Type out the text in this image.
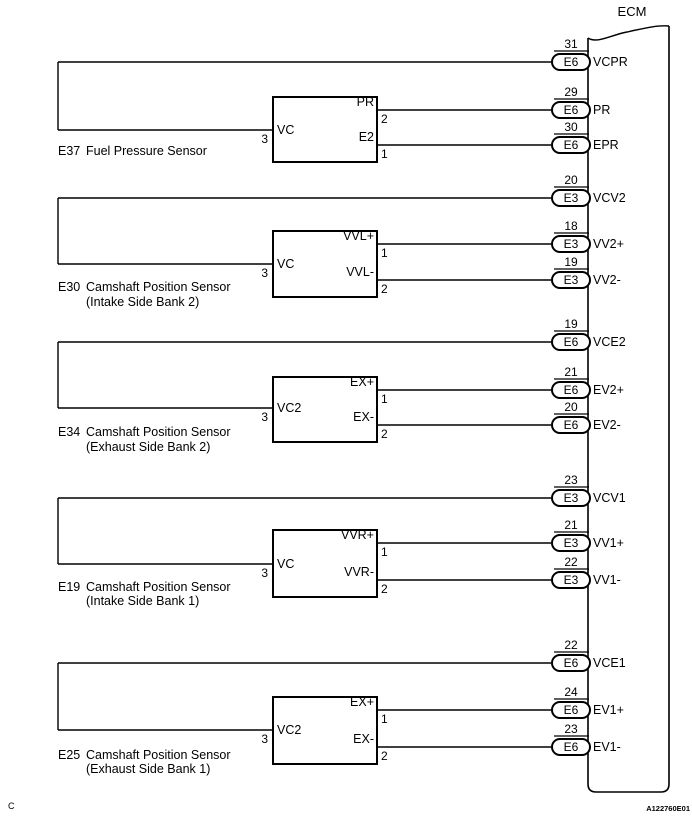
ECM
31
E6 VCPR
29
E6 PR
30
E6 EPR
VC
3
PR
2
E2
1
E37 Fuel Pressure Sensor
20
E3 VCV2
18
E3 VV2+
19
E3 VV2-
VC
3
VVL+
1
VVL-
2
E30 Camshaft Position Sensor
(Intake Side Bank 2)
19
E6 VCE2
21
E6 EV2+
20
E6 EV2-
VC2
3
EX+
1
EX-
2
E34 Camshaft Position Sensor
(Exhaust Side Bank 2)
23
E3 VCV1
21
E3 VV1+
22
E3 VV1-
VC
3
VVR+
1
VVR-
2
E19 Camshaft Position Sensor
(Intake Side Bank 1)
22
E6 VCE1
24
E6 EV1+
23
E6 EV1-
VC2
3
EX+
1
EX-
2
E25 Camshaft Position Sensor
(Exhaust Side Bank 1)
C	A122760E01
